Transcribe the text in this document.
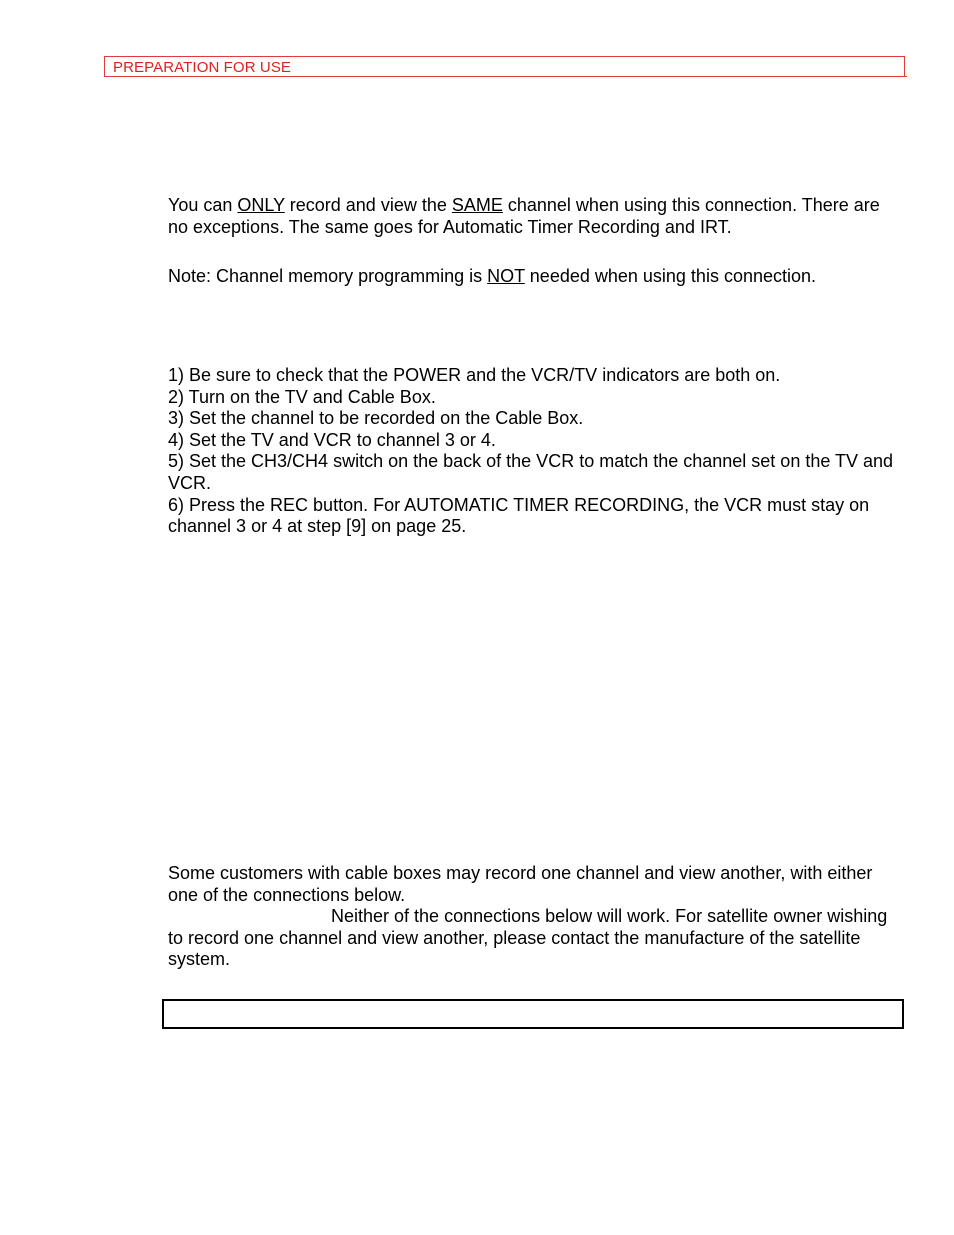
PREPARATION FOR USE

You can ONLY record and view the SAME channel when using this connection. There are no exceptions. The same goes for Automatic Timer Recording and IRT.

Note: Channel memory programming is NOT needed when using this connection.

1) Be sure to check that the POWER and the VCR/TV indicators are both on.
2) Turn on the TV and Cable Box.
3) Set the channel to be recorded on the Cable Box.
4) Set the TV and VCR to channel 3 or 4.
5) Set the CH3/CH4 switch on the back of the VCR to match the channel set on the TV and VCR.
6) Press the REC button. For AUTOMATIC TIMER RECORDING, the VCR must stay on channel 3 or 4 at step [9] on page 25.

Some customers with cable boxes may record one channel and view another, with either one of the connections below.
Neither of the connections below will work. For satellite owner wishing to record one channel and view another, please contact the manufacture of the satellite system.
